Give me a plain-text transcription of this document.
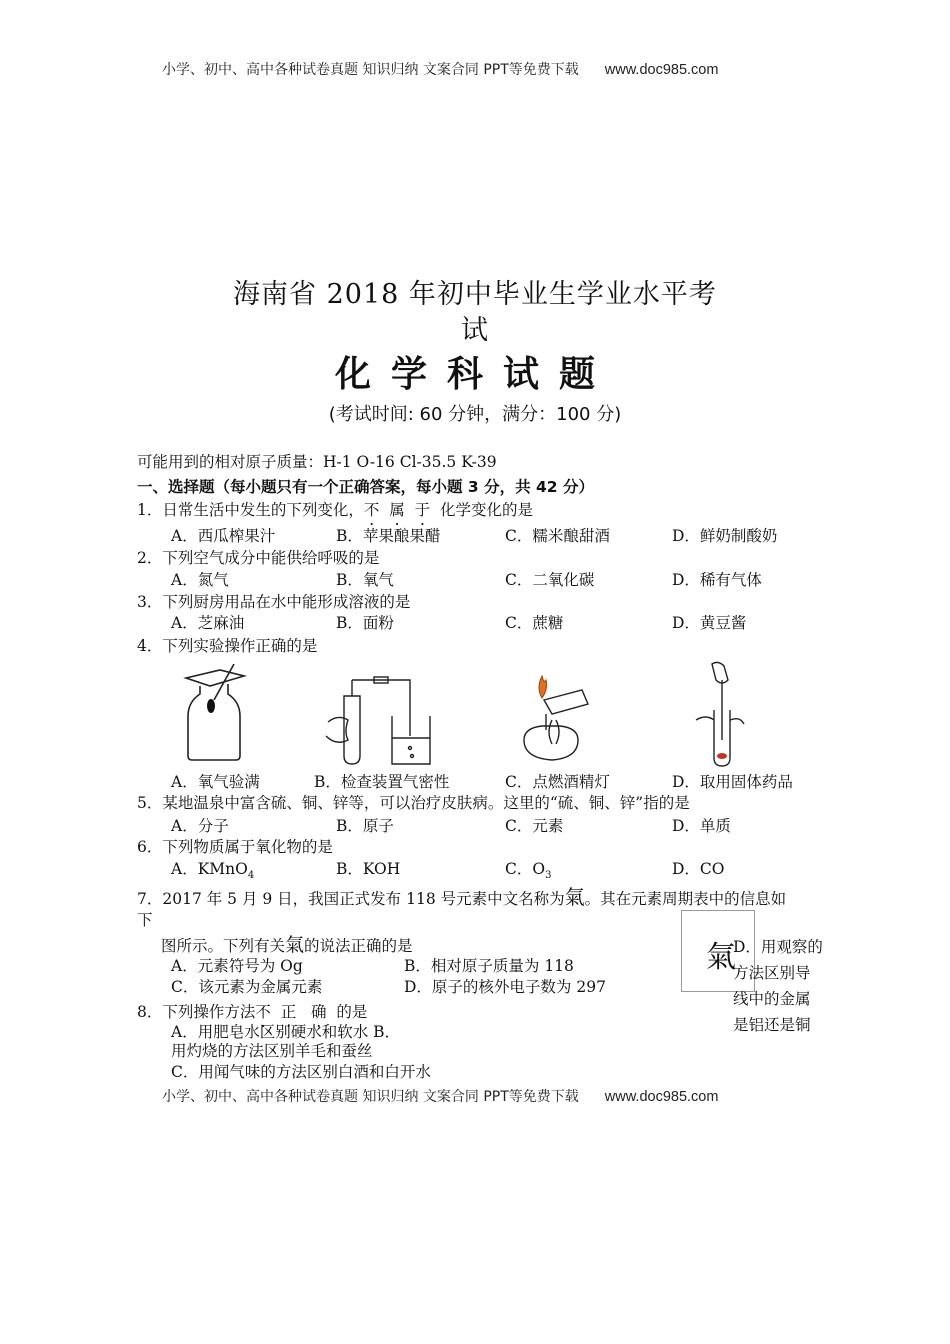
小学、初中、高中各种试卷真题 知识归纳 文案合同 PPT等免费下载 www.doc985.com
海南省 2018 年初中毕业生学业水平考
试
化学科试题
(考试时间: 60 分钟，满分：100 分)
可能用到的相对原子质量：H-1 O-16 Cl-35.5 K-39
一、选择题（每小题只有一个正确答案，每小题 3 分，共 42 分）
1．日常生活中发生的下列变化，不 属 于 化学变化的是
A．西瓜榨果汁	B．苹果酿果醋	C．糯米酿甜酒	D．鲜奶制酸奶
2．下列空气成分中能供给呼吸的是
A．氮气	B．氧气	C．二氧化碳	D．稀有气体
3．下列厨房用品在水中能形成溶液的是
A．芝麻油	B．面粉	C．蔗糖	D．黄豆酱
4．下列实验操作正确的是
A．氧气验满	B．检查装置气密性	C．点燃酒精灯	D．取用固体药品
5．某地温泉中富含硫、铜、锌等，可以治疗皮肤病。这里的“硫、铜、锌”指的是
A．分子	B．原子	C．元素	D．单质
6．下列物质属于氧化物的是
A．KMnO$_4$	B．KOH	C．$O_3$	D．CO
7．2017 年 5 月 9 日，我国正式发布 118 号元素中文名称为氣。其在元素周期表中的信息如
下
图所示。下列有关氣的说法正确的是	氣
A．元素符号为 Og	B．相对原子质量为 118
C．该元素为金属元素	D．原子的核外电子数为 297
8．下列操作方法不 正 确 的是
A．用肥皂水区别硬水和软水 B．
用灼烧的方法区别羊毛和蚕丝
C．用闻气味的方法区别白酒和白开水
D．用观察的方法区别导线中的金属是铝还是铜
小学、初中、高中各种试卷真题 知识归纳 文案合同 PPT等免费下载 www.doc985.com
